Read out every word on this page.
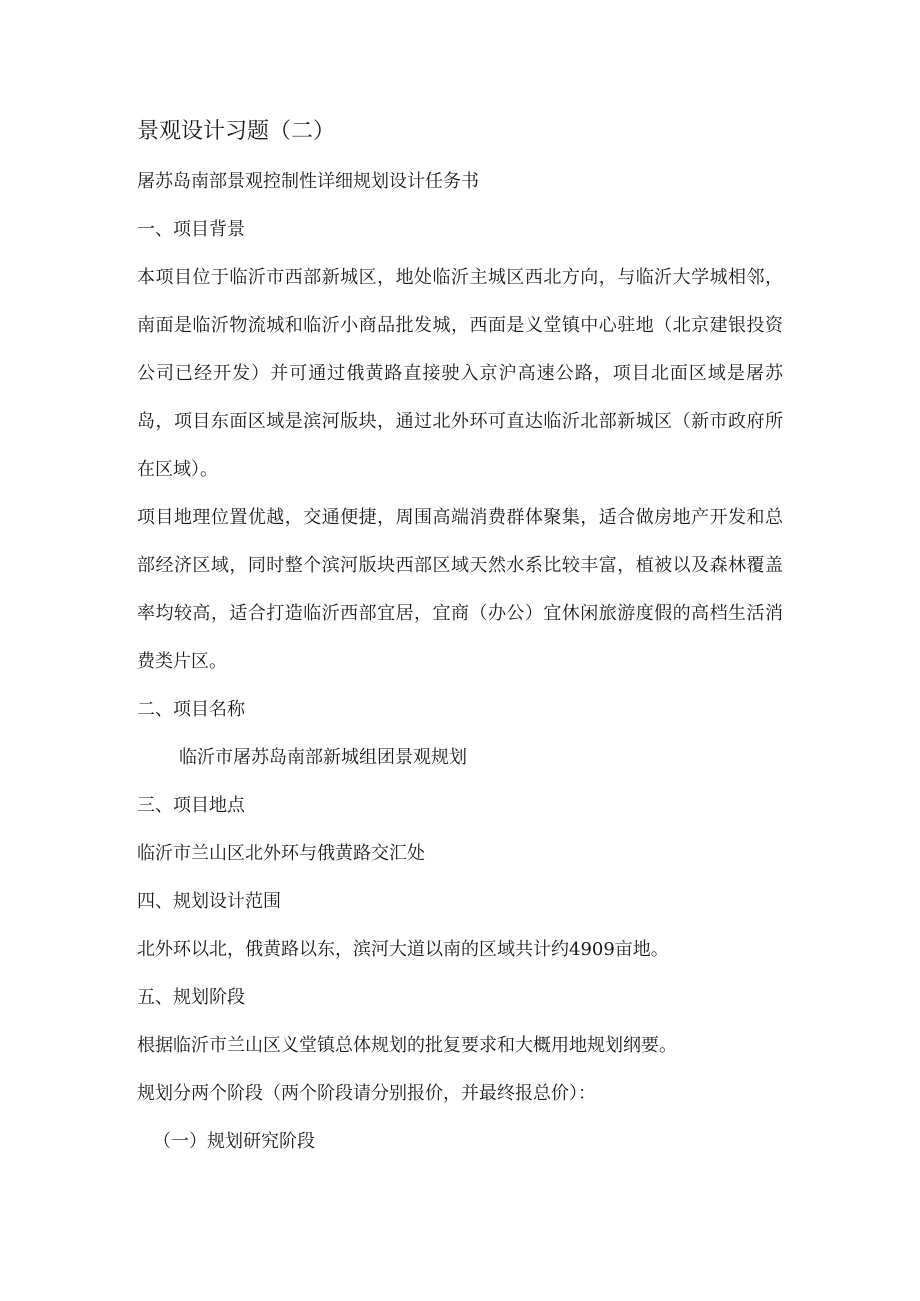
景观设计习题（二）

屠苏岛南部景观控制性详细规划设计任务书

一、项目背景

本项目位于临沂市西部新城区，地处临沂主城区西北方向，与临沂大学城相邻，南面是临沂物流城和临沂小商品批发城，西面是义堂镇中心驻地（北京建银投资公司已经开发）并可通过俄黄路直接驶入京沪高速公路，项目北面区域是屠苏岛，项目东面区域是滨河版块，通过北外环可直达临沂北部新城区（新市政府所在区域）。

项目地理位置优越，交通便捷，周围高端消费群体聚集，适合做房地产开发和总部经济区域，同时整个滨河版块西部区域天然水系比较丰富，植被以及森林覆盖率均较高，适合打造临沂西部宜居，宜商（办公）宜休闲旅游度假的高档生活消费类片区。

二、项目名称

临沂市屠苏岛南部新城组团景观规划

三、项目地点

临沂市兰山区北外环与俄黄路交汇处

四、规划设计范围

北外环以北，俄黄路以东，滨河大道以南的区域共计约4909亩地。

五、规划阶段

根据临沂市兰山区义堂镇总体规划的批复要求和大概用地规划纲要。

规划分两个阶段（两个阶段请分别报价，并最终报总价）：

（一）规划研究阶段
